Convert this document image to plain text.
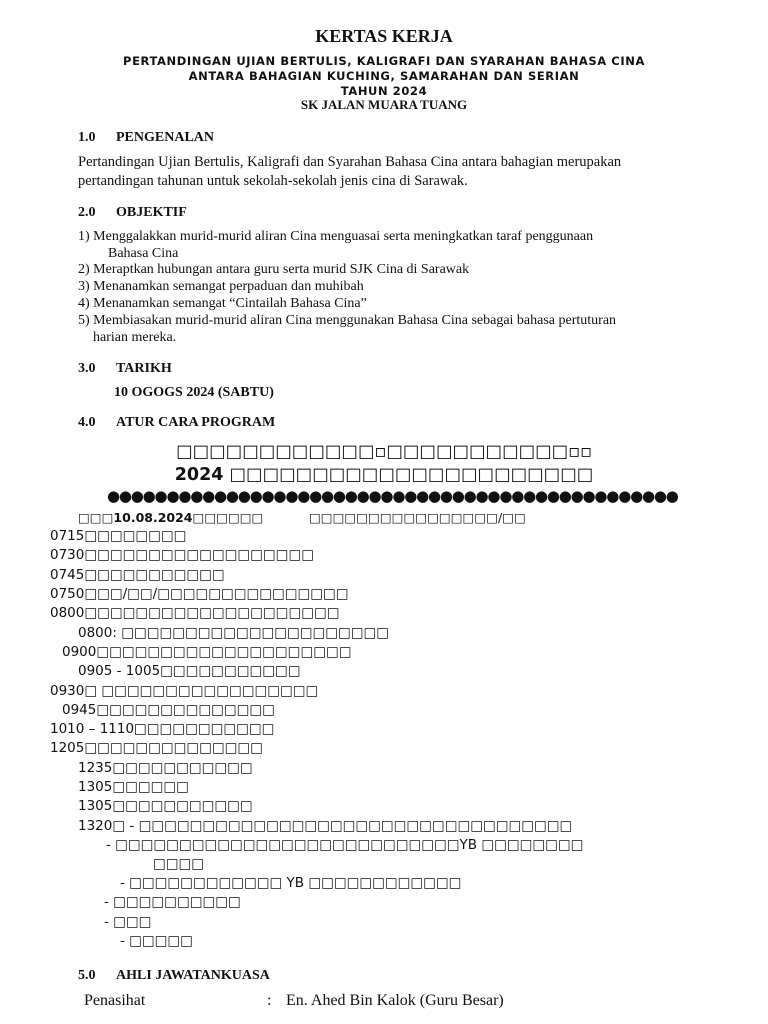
KERTAS KERJA
PERTANDINGAN UJIAN BERTULIS, KALIGRAFI DAN SYARAHAN BAHASA CINA
ANTARA BAHAGIAN KUCHING, SAMARAHAN DAN SERIAN
TAHUN 2024
SK JALAN MUARA TUANG
1.0 PENGENALAN
Pertandingan Ujian Bertulis, Kaligrafi dan Syarahan Bahasa Cina antara bahagian merupakan
pertandingan tahunan untuk sekolah-sekolah jenis cina di Sarawak.
2.0 OBJEKTIF
1) Menggalakkan murid-murid aliran Cina menguasai serta meningkatkan taraf penggunaan
Bahasa Cina
2) Meraptkan hubungan antara guru serta murid SJK Cina di Sarawak
3) Menanamkan semangat perpaduan dan muhibah
4) Menanamkan semangat “Cintailah Bahasa Cina”
5) Membiasakan murid-murid aliran Cina menggunakan Bahasa Cina sebagai bahasa pertuturan
harian mereka.
3.0 TARIKH
10 OGOGS 2024 (SABTU)
4.0 ATUR CARA PROGRAM
□□□□□□□□□□□□▫□□□□□□□□□□□▫▫
2024 □□□□□□□□□□□□□□□□□□□□□□
●●●●●●●●●●●●●●●●●●●●●●●●●●●●●●●●●●●●●●●●●●●●●●●●
□□□10.08.2024□□□□□□	□□□□□□□□□□□□□□□□/□□
0715□□□□□□□□
0730□□□□□□□□□□□□□□□□□□
0745□□□□□□□□□□□
0750□□□/□□/□□□□□□□□□□□□□□□
0800□□□□□□□□□□□□□□□□□□□□
0800: □□□□□□□□□□□□□□□□□□□□□
0900□□□□□□□□□□□□□□□□□□□□
0905 - 1005□□□□□□□□□□□
0930□ □□□□□□□□□□□□□□□□□
0945□□□□□□□□□□□□□□
1010 – 1110□□□□□□□□□□□
1205□□□□□□□□□□□□□□
1235□□□□□□□□□□□
1305□□□□□□
1305□□□□□□□□□□□
1320□ - □□□□□□□□□□□□□□□□□□□□□□□□□□□□□□□□□□
- □□□□□□□□□□□□□□□□□□□□□□□□□□□YB □□□□□□□□
□□□□
- □□□□□□□□□□□□ YB □□□□□□□□□□□□
- □□□□□□□□□□
- □□□
- □□□□□
5.0 AHLI JAWATANKUASA
Penasihat	: En. Ahed Bin Kalok (Guru Besar)
